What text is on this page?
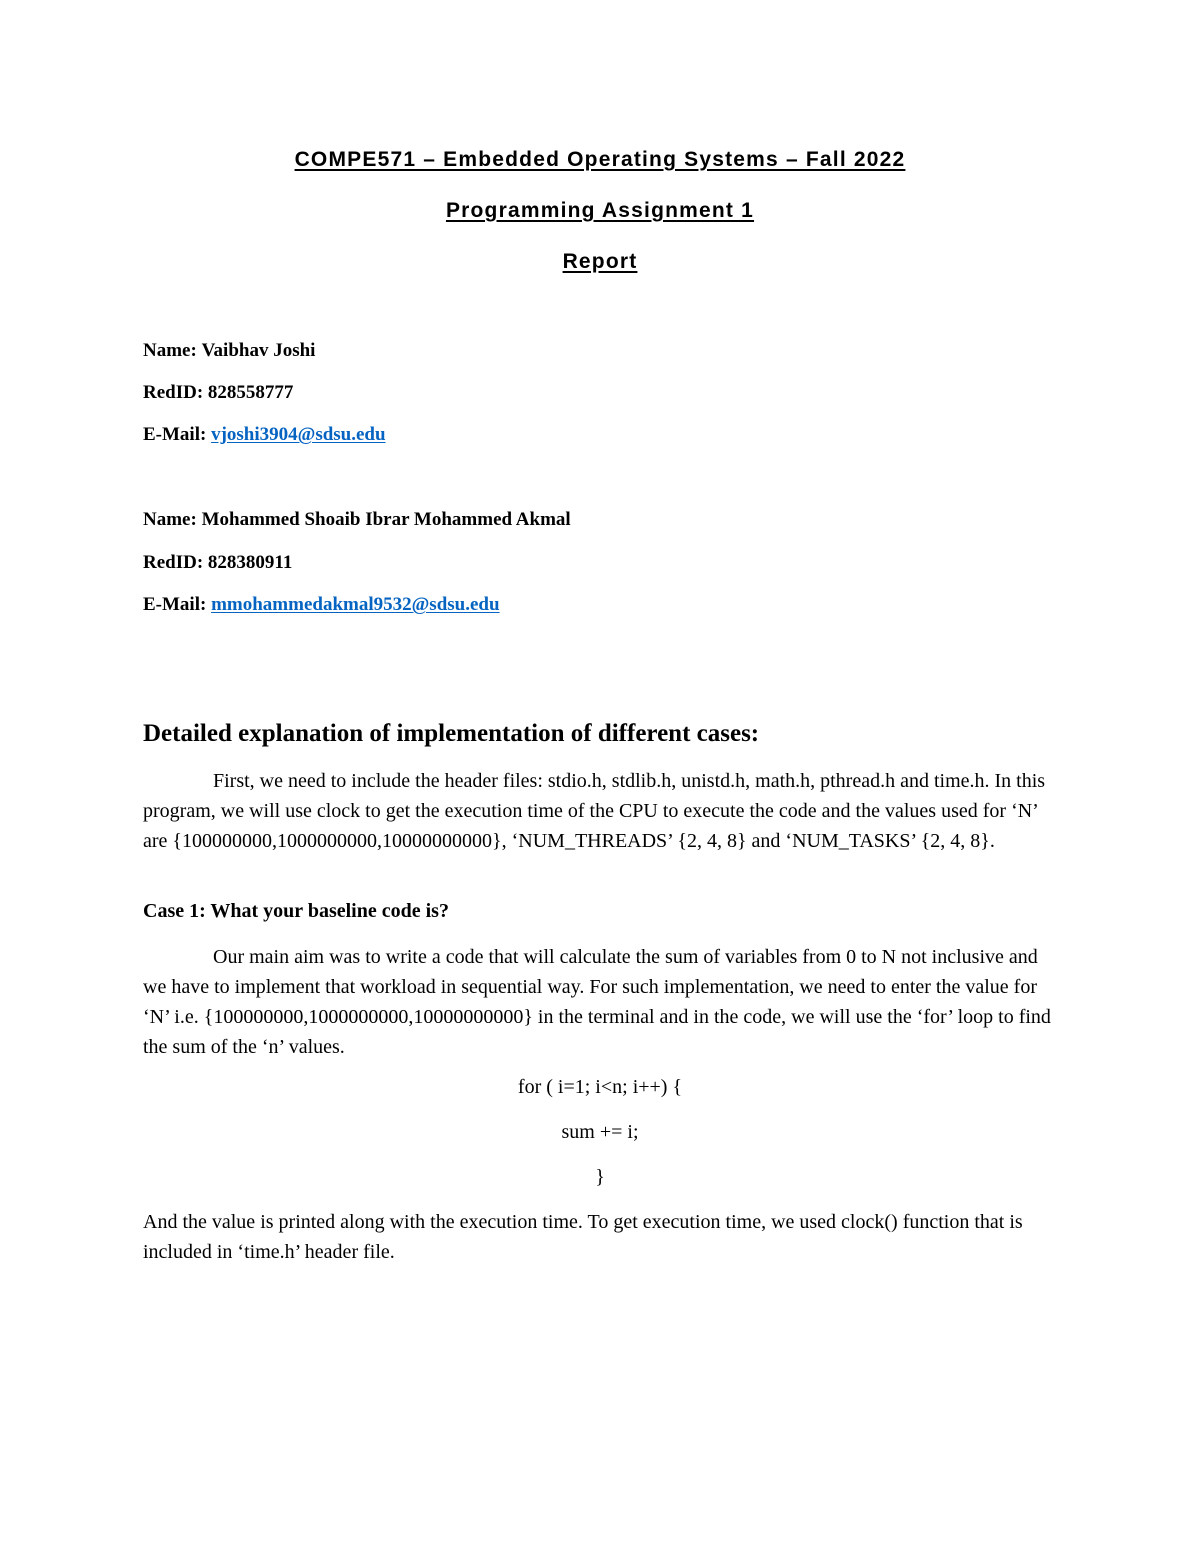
COMPE571 – Embedded Operating Systems – Fall 2022
Programming Assignment 1
Report
Name: Vaibhav Joshi
RedID: 828558777
E-Mail: vjoshi3904@sdsu.edu
Name: Mohammed Shoaib Ibrar Mohammed Akmal
RedID: 828380911
E-Mail: mmohammedakmal9532@sdsu.edu
Detailed explanation of implementation of different cases:

First, we need to include the header files: stdio.h, stdlib.h, unistd.h, math.h, pthread.h and time.h. In this program, we will use clock to get the execution time of the CPU to execute the code and the values used for ‘N’ are {100000000,1000000000,10000000000}, ‘NUM_THREADS’ {2, 4, 8} and ‘NUM_TASKS’ {2, 4, 8}.

Case 1: What your baseline code is?

Our main aim was to write a code that will calculate the sum of variables from 0 to N not inclusive and we have to implement that workload in sequential way. For such implementation, we need to enter the value for ‘N’ i.e. {100000000,1000000000,10000000000} in the terminal and in the code, we will use the ‘for’ loop to find the sum of the ‘n’ values.

for ( i=1; i<n; i++) {
sum += i;
}

And the value is printed along with the execution time. To get execution time, we used clock() function that is included in ‘time.h’ header file.
